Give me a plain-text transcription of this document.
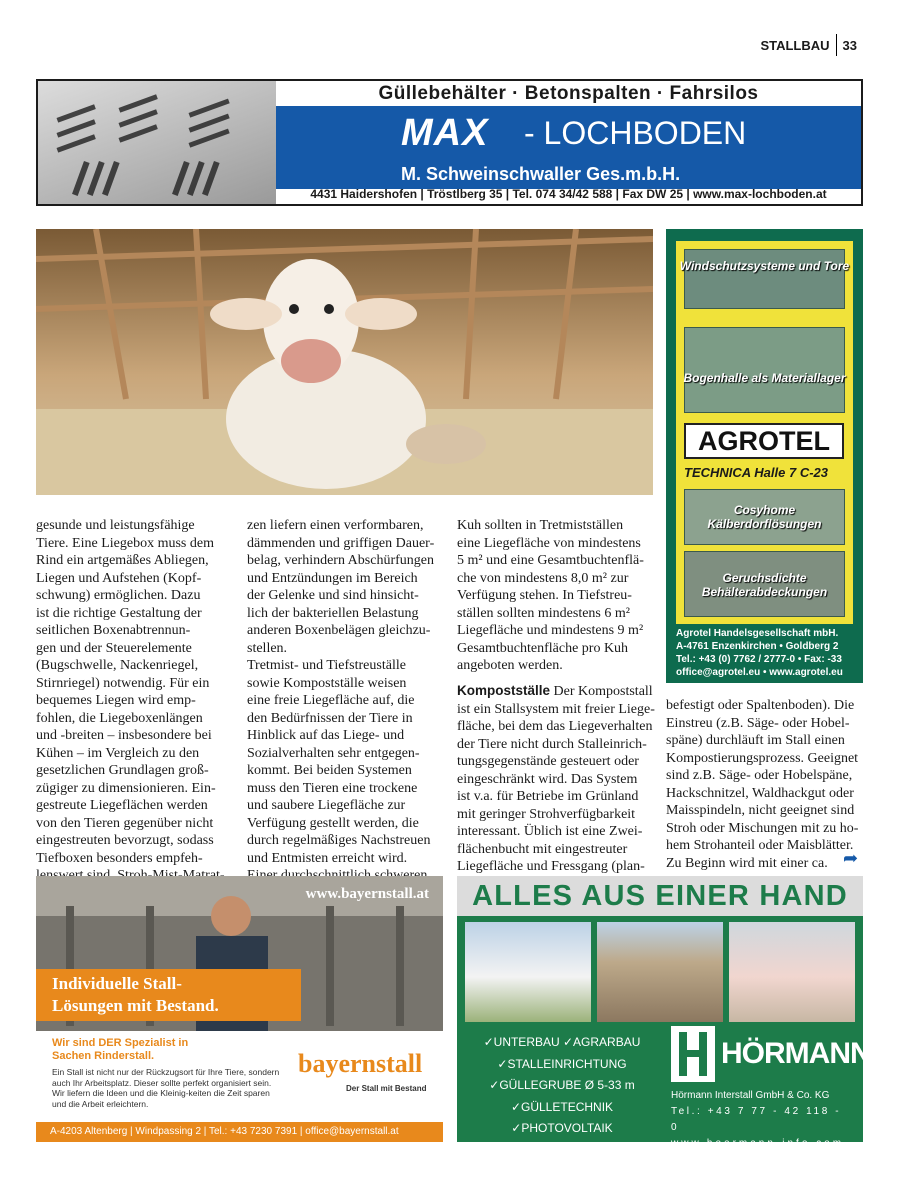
STALLBAU 33
Güllebehälter · Betonspalten · Fahrsilos
MAX - LOCHBODEN
M. Schweinschwaller Ges.m.b.H.
4431 Haidershofen | Tröstlberg 35 | Tel. 074 34/42 588 | Fax DW 25 | www.max-lochboden.at
Windschutzsysteme und Tore
Bogenhalle als Materiallager
AGROTEL
TECHNICA Halle 7 C-23
Cosyhome Kälberdorflösungen
Geruchsdichte Behälterabdeckungen
Agrotel Handelsgesellschaft mbH.
A-4761 Enzenkirchen • Goldberg 2
Tel.: +43 (0) 7762 / 2777-0 • Fax: -33
office@agrotel.eu • www.agrotel.eu
gesunde und leistungsfähige
Tiere. Eine Liegebox muss dem
Rind ein artgemäßes Abliegen,
Liegen und Aufstehen (Kopf-
schwung) ermöglichen. Dazu
ist die richtige Gestaltung der
seitlichen Boxenabtrennun-
gen und der Steuerelemente
(Bugschwelle, Nackenriegel,
Stirnriegel) notwendig. Für ein
bequemes Liegen wird emp-
fohlen, die Liegeboxenlängen
und -breiten – insbesondere bei
Kühen – im Vergleich zu den
gesetzlichen Grundlagen groß-
zügiger zu dimensionieren. Ein-
gestreute Liegeflächen werden
von den Tieren gegenüber nicht
eingestreuten bevorzugt, sodass
Tiefboxen besonders empfeh-
zen liefern einen verformbaren,
dämmenden und griffigen Dauer-
belag, verhindern Abschürfungen
und Entzündungen im Bereich
der Gelenke und sind hinsicht-
lich der bakteriellen Belastung
anderen Boxenbelägen gleichzu-
stellen.
Tretmist- und Tiefstreuställe
sowie Kompostställe weisen
eine freie Liegefläche auf, die
den Bedürfnissen der Tiere in
Hinblick auf das Liege- und
Sozialverhalten sehr entgegen-
kommt. Bei beiden Systemen
muss den Tieren eine trockene
und saubere Liegefläche zur
Verfügung gestellt werden, die
durch regelmäßiges Nachstreuen
und Entmisten erreicht wird.
Kuh sollten in Tretmistställen
eine Liegefläche von mindestens
5 m² und eine Gesamtbuchtenflä-
che von mindestens 8,0 m² zur
Verfügung stehen. In Tiefstreu-
ställen sollten mindestens 6 m²
Liegefläche und mindestens 9 m²
Gesamtbuchtenfläche pro Kuh
angeboten werden.
Kompostställe Der Kompoststall
ist ein Stallsystem mit freier Liege-
fläche, bei dem das Liegeverhalten
der Tiere nicht durch Stalleinrich-
tungsgegenstände gesteuert oder
eingeschränkt wird. Das System
ist v.a. für Betriebe im Grünland
mit geringer Strohverfügbarkeit
interessant. Üblich ist eine Zwei-
flächenbucht mit eingestreuter
Liegefläche und Fressgang (plan-
befestigt oder Spaltenboden). Die
Einstreu (z.B. Säge- oder Hobel-
späne) durchläuft im Stall einen
Kompostierungsprozess. Geeignet
sind z.B. Säge- oder Hobelspäne,
Hackschnitzel, Waldhackgut oder
Maisspindeln, nicht geeignet sind
Stroh oder Mischungen mit zu ho-
hem Strohanteil oder Maisblätter.
Zu Beginn wird mit einer ca. ➦
www.bayernstall.at
Individuelle Stall-
Lösungen mit Bestand.
Wir sind DER Spezialist in
Sachen Rinderstall.
Ein Stall ist nicht nur der Rückzugsort für Ihre Tiere, sondern auch Ihr Arbeitsplatz. Dieser sollte perfekt organisiert sein. Wir liefern die Ideen und die Kleinig-keiten die Zeit sparen und die Arbeit erleichtern.
bayernstall
Der Stall mit Bestand
A-4203 Altenberg | Windpassing 2 | Tel.: +43 7230 7391 | office@bayernstall.at
ALLES AUS EINER HAND
✓UNTERBAU ✓AGRARBAU
✓STALLEINRICHTUNG
✓GÜLLEGRUBE Ø 5-33 m
✓GÜLLETECHNIK
✓PHOTOVOLTAIK
HÖRMANN
Hörmann Interstall GmbH & Co. KG
Tel.: +43 7 77 - 42 118 - 0
www.hoermann-info.com
